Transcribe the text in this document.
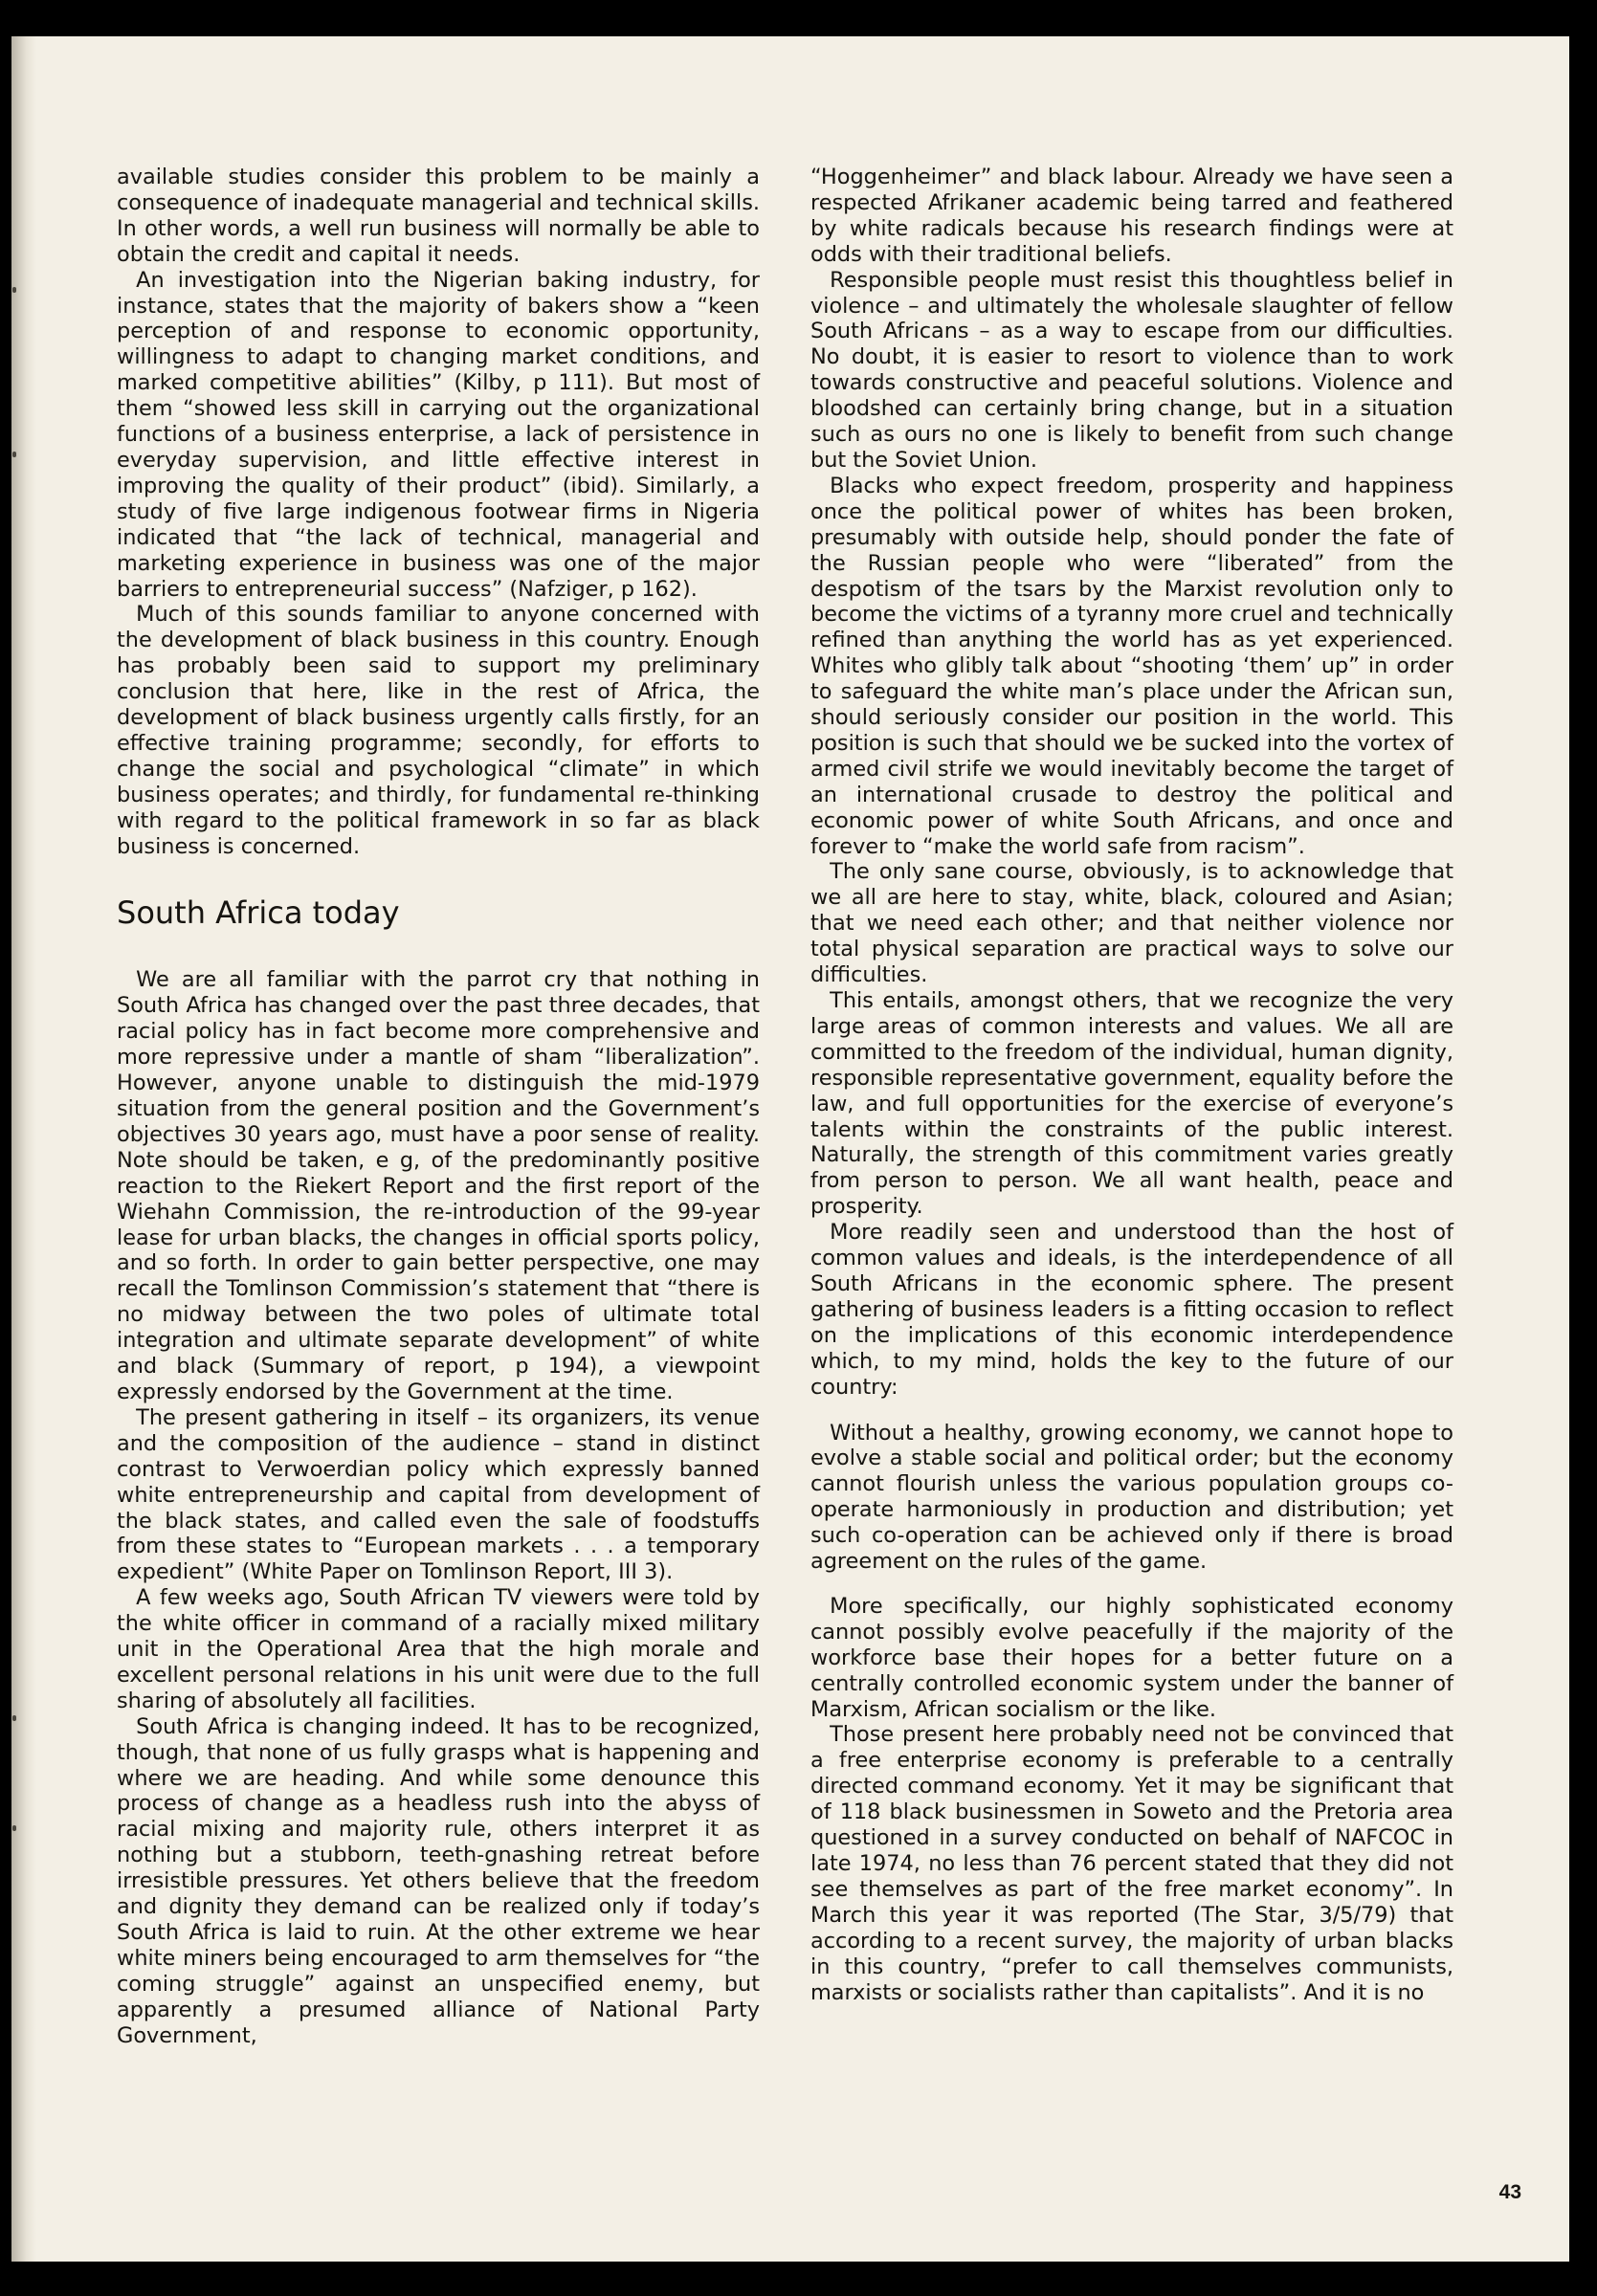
available studies consider this problem to be mainly a consequence of inadequate managerial and technical skills. In other words, a well run business will normally be able to obtain the credit and capital it needs.

An investigation into the Nigerian baking industry, for instance, states that the majority of bakers show a “keen perception of and response to economic opportunity, willingness to adapt to changing market conditions, and marked competitive abilities” (Kilby, p 111). But most of them “showed less skill in carrying out the organizational functions of a business enterprise, a lack of persistence in everyday supervision, and little effective interest in improving the quality of their product” (ibid). Similarly, a study of five large indigenous footwear firms in Nigeria indicated that “the lack of technical, managerial and marketing experience in business was one of the major barriers to entrepreneurial success” (Nafziger, p 162).

Much of this sounds familiar to anyone concerned with the development of black business in this country. Enough has probably been said to support my preliminary conclusion that here, like in the rest of Africa, the development of black business urgently calls firstly, for an effective training programme; secondly, for efforts to change the social and psychological “climate” in which business operates; and thirdly, for fundamental re-thinking with regard to the political framework in so far as black business is concerned.

South Africa today

We are all familiar with the parrot cry that nothing in South Africa has changed over the past three decades, that racial policy has in fact become more comprehensive and more repressive under a mantle of sham “liberalization”. However, anyone unable to distinguish the mid-1979 situation from the general position and the Government’s objectives 30 years ago, must have a poor sense of reality. Note should be taken, e g, of the predominantly positive reaction to the Riekert Report and the first report of the Wiehahn Commission, the re-introduction of the 99-year lease for urban blacks, the changes in official sports policy, and so forth. In order to gain better perspective, one may recall the Tomlinson Commission’s statement that “there is no midway between the two poles of ultimate total integration and ultimate separate development” of white and black (Summary of report, p 194), a viewpoint expressly endorsed by the Government at the time.

The present gathering in itself – its organizers, its venue and the composition of the audience – stand in distinct contrast to Verwoerdian policy which expressly banned white entrepreneurship and capital from development of the black states, and called even the sale of foodstuffs from these states to “European markets . . . a temporary expedient” (White Paper on Tomlinson Report, III 3).

A few weeks ago, South African TV viewers were told by the white officer in command of a racially mixed military unit in the Operational Area that the high morale and excellent personal relations in his unit were due to the full sharing of absolutely all facilities.

South Africa is changing indeed. It has to be recognized, though, that none of us fully grasps what is happening and where we are heading. And while some denounce this process of change as a headless rush into the abyss of racial mixing and majority rule, others interpret it as nothing but a stubborn, teeth-gnashing retreat before irresistible pressures. Yet others believe that the freedom and dignity they demand can be realized only if today’s South Africa is laid to ruin. At the other extreme we hear white miners being encouraged to arm themselves for “the coming struggle” against an unspecified enemy, but apparently a presumed alliance of National Party Government,

“Hoggenheimer” and black labour. Already we have seen a respected Afrikaner academic being tarred and feathered by white radicals because his research findings were at odds with their traditional beliefs.

Responsible people must resist this thoughtless belief in violence – and ultimately the wholesale slaughter of fellow South Africans – as a way to escape from our difficulties. No doubt, it is easier to resort to violence than to work towards constructive and peaceful solutions. Violence and bloodshed can certainly bring change, but in a situation such as ours no one is likely to benefit from such change but the Soviet Union.

Blacks who expect freedom, prosperity and happiness once the political power of whites has been broken, presumably with outside help, should ponder the fate of the Russian people who were “liberated” from the despotism of the tsars by the Marxist revolution only to become the victims of a tyranny more cruel and technically refined than anything the world has as yet experienced. Whites who glibly talk about “shooting ‘them’ up” in order to safeguard the white man’s place under the African sun, should seriously consider our position in the world. This position is such that should we be sucked into the vortex of armed civil strife we would inevitably become the target of an international crusade to destroy the political and economic power of white South Africans, and once and forever to “make the world safe from racism”.

The only sane course, obviously, is to acknowledge that we all are here to stay, white, black, coloured and Asian; that we need each other; and that neither violence nor total physical separation are practical ways to solve our difficulties.

This entails, amongst others, that we recognize the very large areas of common interests and values. We all are committed to the freedom of the individual, human dignity, responsible representative government, equality before the law, and full opportunities for the exercise of everyone’s talents within the constraints of the public interest. Naturally, the strength of this commitment varies greatly from person to person. We all want health, peace and prosperity.

More readily seen and understood than the host of common values and ideals, is the interdependence of all South Africans in the economic sphere. The present gathering of business leaders is a fitting occasion to reflect on the implications of this economic interdependence which, to my mind, holds the key to the future of our country:

Without a healthy, growing economy, we cannot hope to evolve a stable social and political order; but the economy cannot flourish unless the various population groups co-operate harmoniously in production and distribution; yet such co-operation can be achieved only if there is broad agreement on the rules of the game.

More specifically, our highly sophisticated economy cannot possibly evolve peacefully if the majority of the workforce base their hopes for a better future on a centrally controlled economic system under the banner of Marxism, African socialism or the like.

Those present here probably need not be convinced that a free enterprise economy is preferable to a centrally directed command economy. Yet it may be significant that of 118 black businessmen in Soweto and the Pretoria area questioned in a survey conducted on behalf of NAFCOC in late 1974, no less than 76 percent stated that they did not see themselves as part of the free market economy”. In March this year it was reported (The Star, 3/5/79) that according to a recent survey, the majority of urban blacks in this country, “prefer to call themselves communists, marxists or socialists rather than capitalists”. And it is no

43
